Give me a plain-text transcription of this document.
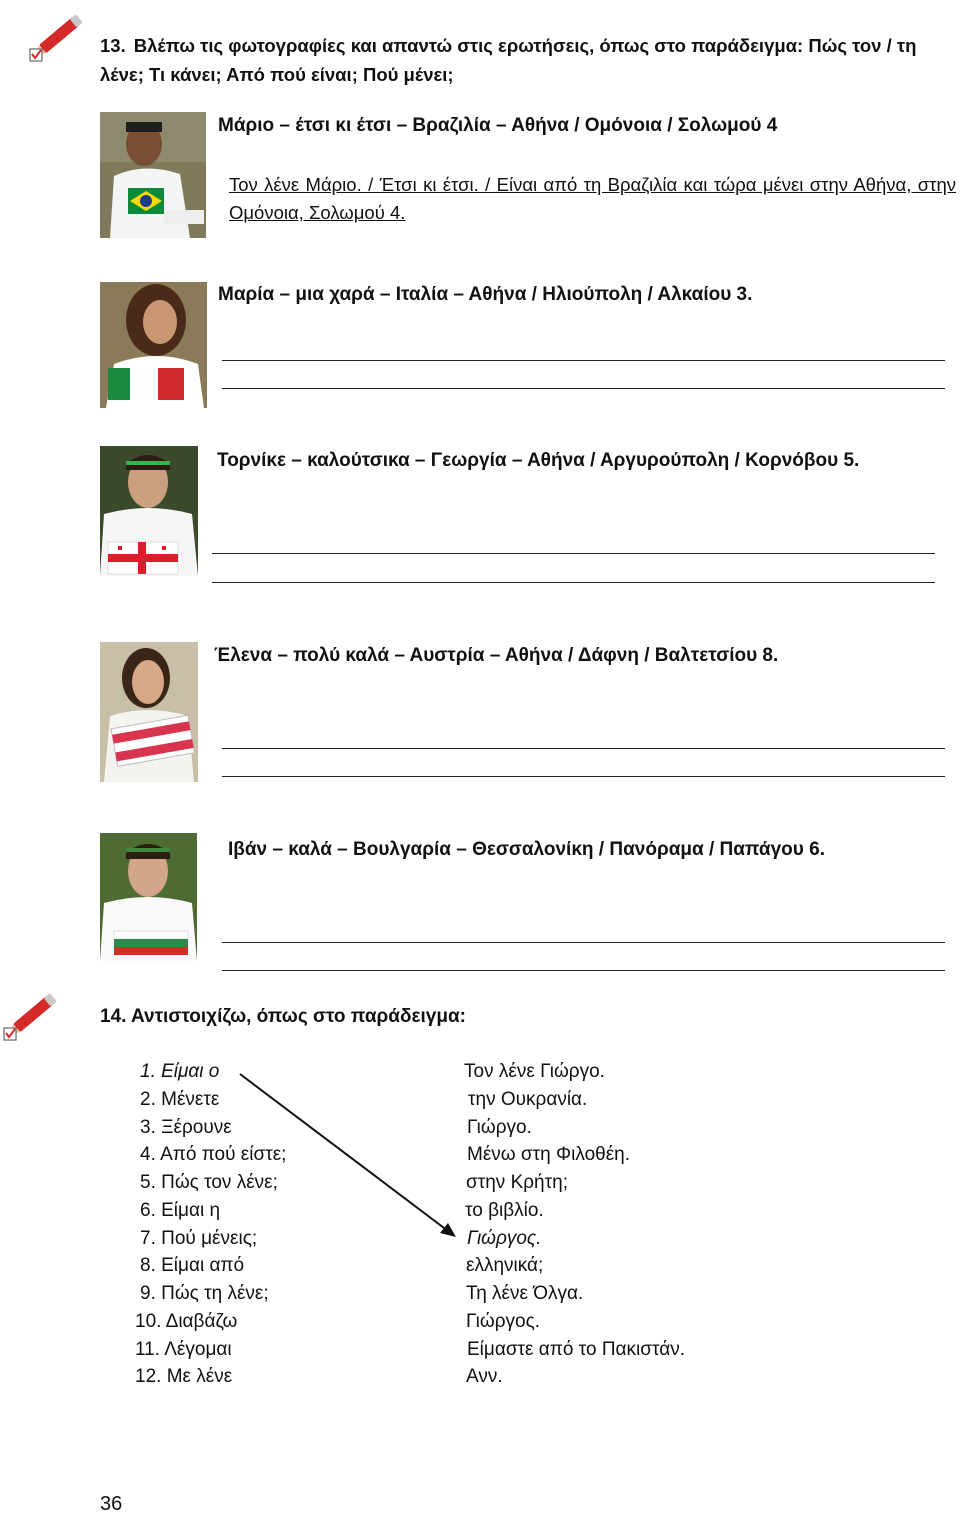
13. Βλέπω τις φωτογραφίες και απαντώ στις ερωτήσεις, όπως στο παράδειγμα: Πώς τον / τη λένε; Τι κάνει; Από πού είναι; Πού μένει;
Μάριο – έτσι κι έτσι – Βραζιλία – Αθήνα / Ομόνοια / Σολωμού 4
Τον λένε Μάριο. / Έτσι κι έτσι. / Είναι από τη Βραζιλία και τώρα μένει στην Αθήνα, στην Ομόνοια, Σολωμού 4.
Μαρία – μια χαρά – Ιταλία – Αθήνα / Ηλιούπολη / Αλκαίου 3.
Τορνίκε – καλούτσικα – Γεωργία – Αθήνα / Αργυρούπολη / Κορνόβου 5.
Έλενα – πολύ καλά – Αυστρία – Αθήνα / Δάφνη / Βαλτετσίου 8.
Ιβάν – καλά – Βουλγαρία – Θεσσαλονίκη / Πανόραμα / Παπάγου 6.
14. Αντιστοιχίζω, όπως στο παράδειγμα:
1. Είμαι ο
2. Μένετε
3. Ξέρουνε
4. Από πού είστε;
5. Πώς τον λένε;
6. Είμαι η
7. Πού μένεις;
8. Είμαι από
9. Πώς τη λένε;
10. Διαβάζω
11. Λέγομαι
12. Με λένε
Τον λένε Γιώργο.
την Ουκρανία.
Γιώργο.
Μένω στη Φιλοθέη.
στην Κρήτη;
το βιβλίο.
Γιώργος.
ελληνικά;
Τη λένε Όλγα.
Γιώργος.
Είμαστε από το Πακιστάν.
Ανν.
36
